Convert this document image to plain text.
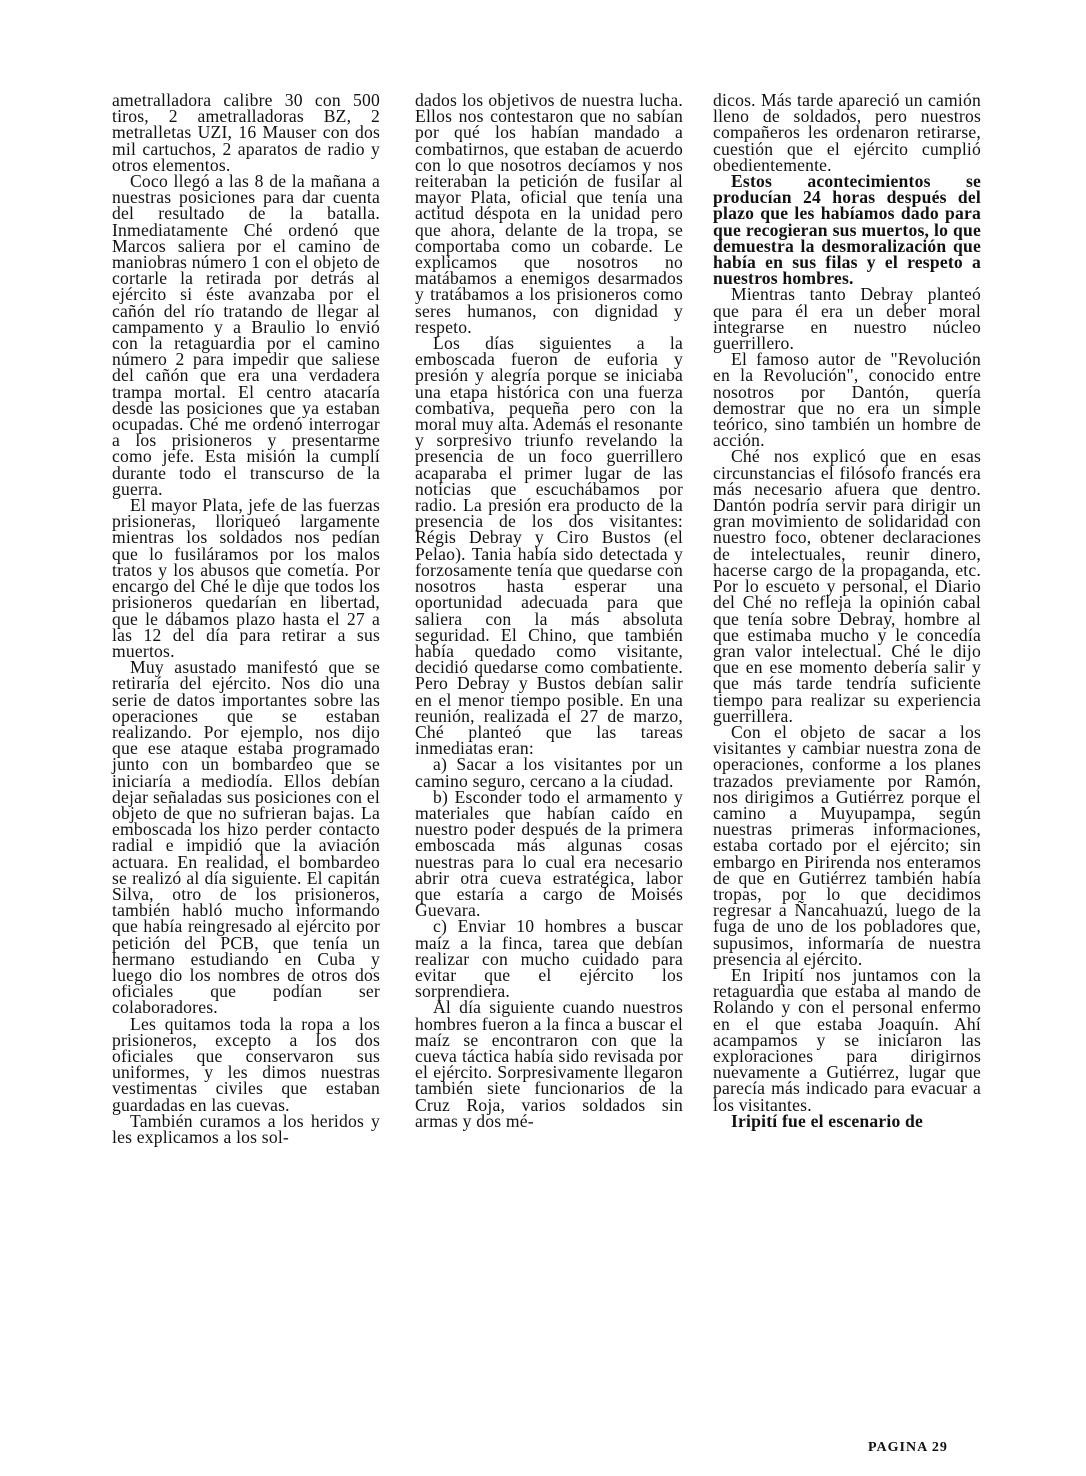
ametralladora calibre 30 con 500 tiros, 2 ametralladoras BZ, 2 metralletas UZI, 16 Mauser con dos mil cartuchos, 2 aparatos de radio y otros elementos.

Coco llegó a las 8 de la mañana a nuestras posiciones para dar cuenta del resultado de la batalla. Inmediatamente Ché ordenó que Marcos saliera por el camino de maniobras número 1 con el objeto de cortarle la retirada por detrás al ejército si éste avanzaba por el cañón del río tratando de llegar al campamento y a Braulio lo envió con la retaguardia por el camino número 2 para impedir que saliese del cañón que era una verdadera trampa mortal. El centro atacaría desde las posiciones que ya estaban ocupadas. Ché me ordenó interrogar a los prisioneros y presentarme como jefe. Esta misión la cumplí durante todo el transcurso de la guerra.

El mayor Plata, jefe de las fuerzas prisioneras, lloriqueó largamente mientras los soldados nos pedían que lo fusiláramos por los malos tratos y los abusos que cometía. Por encargo del Ché le dije que todos los prisioneros quedarían en libertad, que le dábamos plazo hasta el 27 a las 12 del día para retirar a sus muertos.

Muy asustado manifestó que se retiraría del ejército. Nos dio una serie de datos importantes sobre las operaciones que se estaban realizando. Por ejemplo, nos dijo que ese ataque estaba programado junto con un bombardeo que se iniciaría a mediodía. Ellos debían dejar señaladas sus posiciones con el objeto de que no sufrieran bajas. La emboscada los hizo perder contacto radial e impidió que la aviación actuara. En realidad, el bombardeo se realizó al día siguiente. El capitán Silva, otro de los prisioneros, también habló mucho informando que había reingresado al ejército por petición del PCB, que tenía un hermano estudiando en Cuba y luego dio los nombres de otros dos oficiales que podían ser colaboradores.

Les quitamos toda la ropa a los prisioneros, excepto a los dos oficiales que conservaron sus uniformes, y les dimos nuestras vestimentas civiles que estaban guardadas en las cuevas.

También curamos a los heridos y les explicamos a los sol-

dados los objetivos de nuestra lucha. Ellos nos contestaron que no sabían por qué los habían mandado a combatirnos, que estaban de acuerdo con lo que nosotros decíamos y nos reiteraban la petición de fusilar al mayor Plata, oficial que tenía una actitud déspota en la unidad pero que ahora, delante de la tropa, se comportaba como un cobarde. Le explicamos que nosotros no matábamos a enemigos desarmados y tratábamos a los prisioneros como seres humanos, con dignidad y respeto.

Los días siguientes a la emboscada fueron de euforia y presión y alegría porque se iniciaba una etapa histórica con una fuerza combativa, pequeña pero con la moral muy alta. Además el resonante y sorpresivo triunfo revelando la presencia de un foco guerrillero acaparaba el primer lugar de las noticias que escuchábamos por radio. La presión era producto de la presencia de los dos visitantes: Régis Debray y Ciro Bustos (el Pelao). Tania había sido detectada y forzosamente tenía que quedarse con nosotros hasta esperar una oportunidad adecuada para que saliera con la más absoluta seguridad. El Chino, que también había quedado como visitante, decidió quedarse como combatiente. Pero Debray y Bustos debían salir en el menor tiempo posible. En una reunión, realizada el 27 de marzo, Ché planteó que las tareas inmediatas eran:

a) Sacar a los visitantes por un camino seguro, cercano a la ciudad.

b) Esconder todo el armamento y materiales que habían caído en nuestro poder después de la primera emboscada más algunas cosas nuestras para lo cual era necesario abrir otra cueva estratégica, labor que estaría a cargo de Moisés Guevara.

c) Enviar 10 hombres a buscar maíz a la finca, tarea que debían realizar con mucho cuidado para evitar que el ejército los sorprendiera.

Al día siguiente cuando nuestros hombres fueron a la finca a buscar el maíz se encontraron con que la cueva táctica había sido revisada por el ejército. Sorpresivamente llegaron también siete funcionarios de la Cruz Roja, varios soldados sin armas y dos mé-

dicos. Más tarde apareció un camión lleno de soldados, pero nuestros compañeros les ordenaron retirarse, cuestión que el ejército cumplió obedientemente.

Estos acontecimientos se producían 24 horas después del plazo que les habíamos dado para que recogieran sus muertos, lo que demuestra la desmoralización que había en sus filas y el respeto a nuestros hombres.

Mientras tanto Debray planteó que para él era un deber moral integrarse en nuestro núcleo guerrillero.

El famoso autor de "Revolución en la Revolución", conocido entre nosotros por Dantón, quería demostrar que no era un simple teórico, sino también un hombre de acción.

Ché nos explicó que en esas circunstancias el filósofo francés era más necesario afuera que dentro. Dantón podría servir para dirigir un gran movimiento de solidaridad con nuestro foco, obtener declaraciones de intelectuales, reunir dinero, hacerse cargo de la propaganda, etc. Por lo escueto y personal, el Diario del Ché no refleja la opinión cabal que tenía sobre Debray, hombre al que estimaba mucho y le concedía gran valor intelectual. Ché le dijo que en ese momento debería salir y que más tarde tendría suficiente tiempo para realizar su experiencia guerrillera.

Con el objeto de sacar a los visitantes y cambiar nuestra zona de operaciones, conforme a los planes trazados previamente por Ramón, nos dirigimos a Gutiérrez porque el camino a Muyupampa, según nuestras primeras informaciones, estaba cortado por el ejército; sin embargo en Pirirenda nos enteramos de que en Gutiérrez también había tropas, por lo que decidimos regresar a Ñancahuazú, luego de la fuga de uno de los pobladores que, supusimos, informaría de nuestra presencia al ejército.

En Iripití nos juntamos con la retaguardia que estaba al mando de Rolando y con el personal enfermo en el que estaba Joaquín. Ahí acampamos y se iniciaron las exploraciones para dirigirnos nuevamente a Gutiérrez, lugar que parecía más indicado para evacuar a los visitantes.

Iripití fue el escenario de

PAGINA 29
